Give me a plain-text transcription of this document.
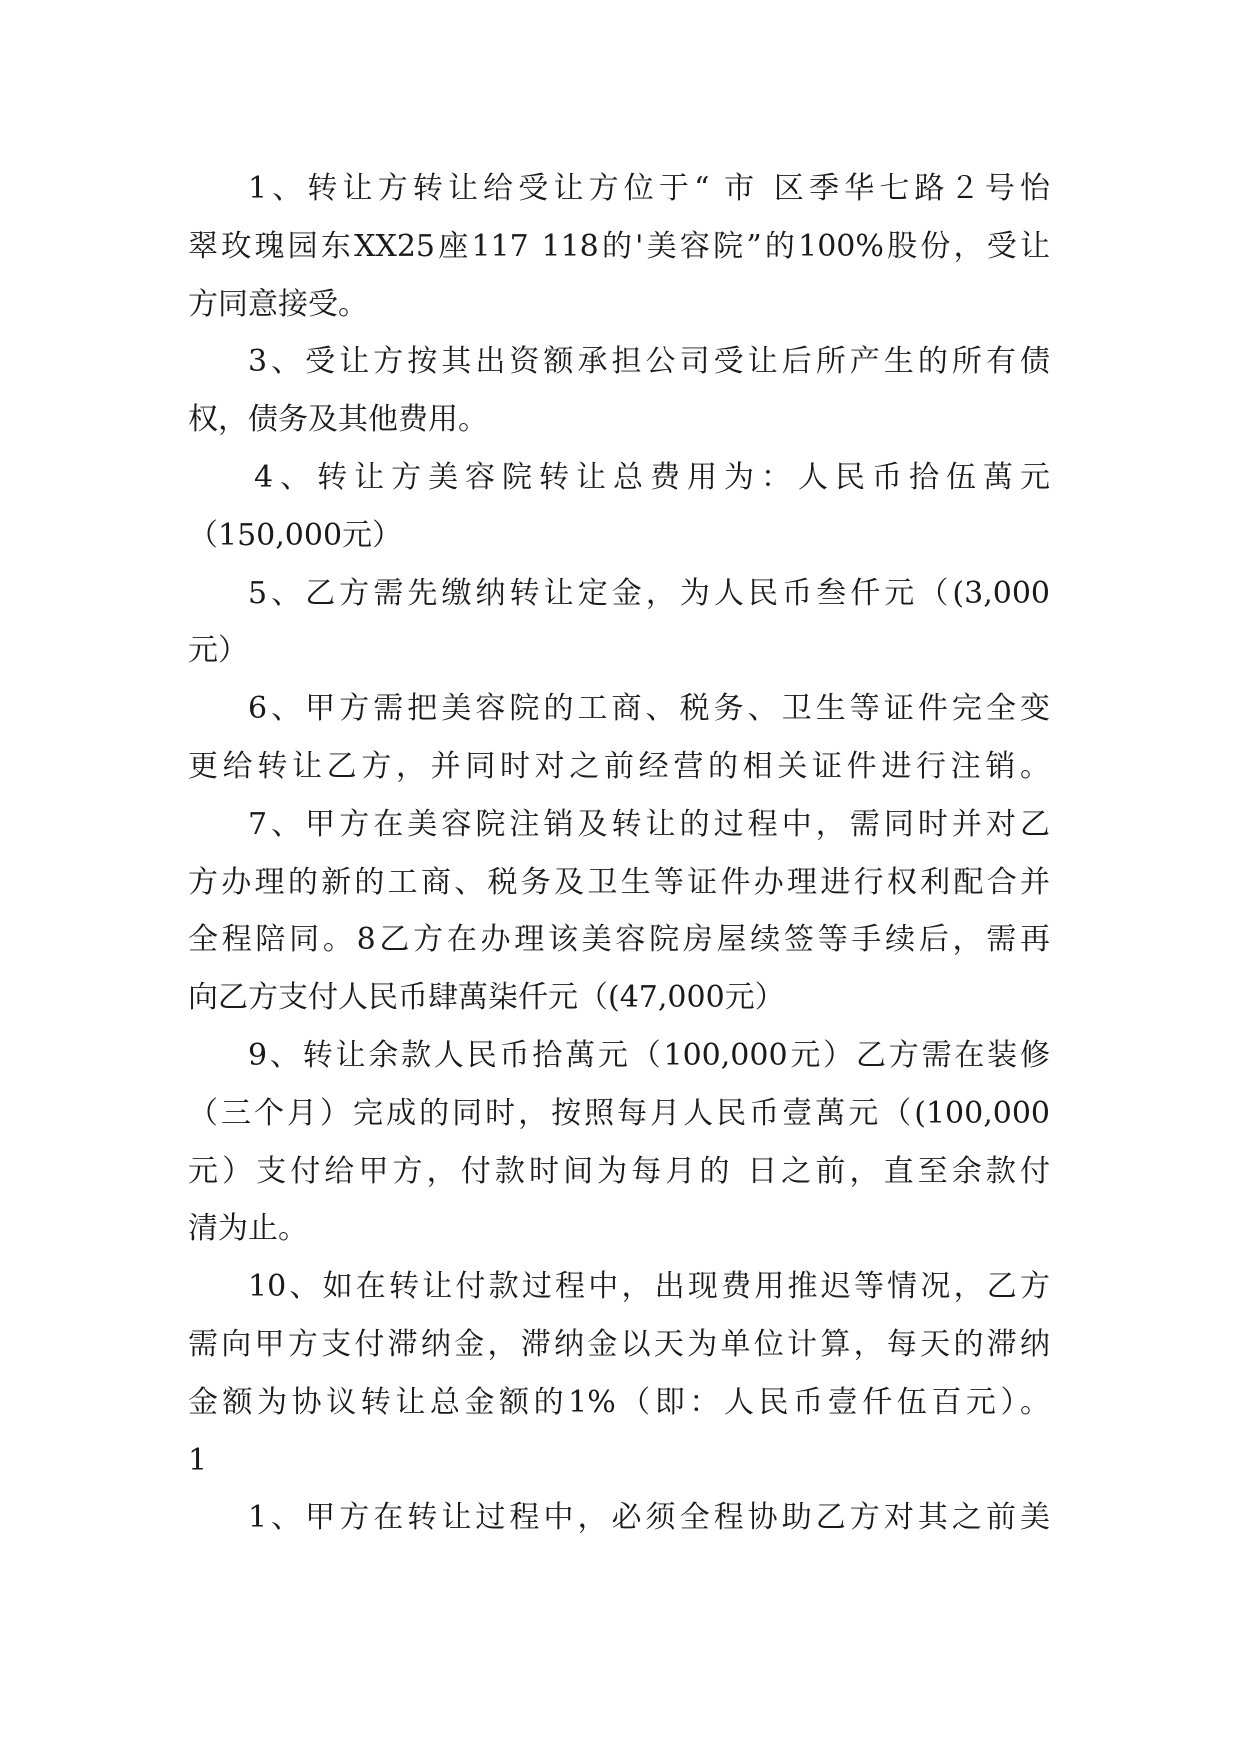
1、转让方转让给受让方位于“ 市 区季华七路２号怡
翠玫瑰园东XX25座117 118的'美容院”的100%股份，受让
方同意接受。
3、受让方按其出资额承担公司受让后所产生的所有债
权，债务及其他费用。
4、转让方美容院转让总费用为：人民币拾伍萬元
（150,000元）
5、乙方需先缴纳转让定金，为人民币叁仟元（(3,000
元）
6、甲方需把美容院的工商、税务、卫生等证件完全变
更给转让乙方，并同时对之前经营的相关证件进行注销。
7、甲方在美容院注销及转让的过程中，需同时并对乙
方办理的新的工商、税务及卫生等证件办理进行权利配合并
全程陪同。8乙方在办理该美容院房屋续签等手续后，需再
向乙方支付人民币肆萬柒仟元（(47,000元）
9、转让余款人民币拾萬元（100,000元）乙方需在装修
（三个月）完成的同时，按照每月人民币壹萬元（(100,000
元）支付给甲方，付款时间为每月的 日之前，直至余款付
清为止。
10、如在转让付款过程中，出现费用推迟等情况，乙方
需向甲方支付滞纳金，滞纳金以天为单位计算，每天的滞纳
金额为协议转让总金额的1%（即：人民币壹仟伍百元）。
1
1、甲方在转让过程中，必须全程协助乙方对其之前美
